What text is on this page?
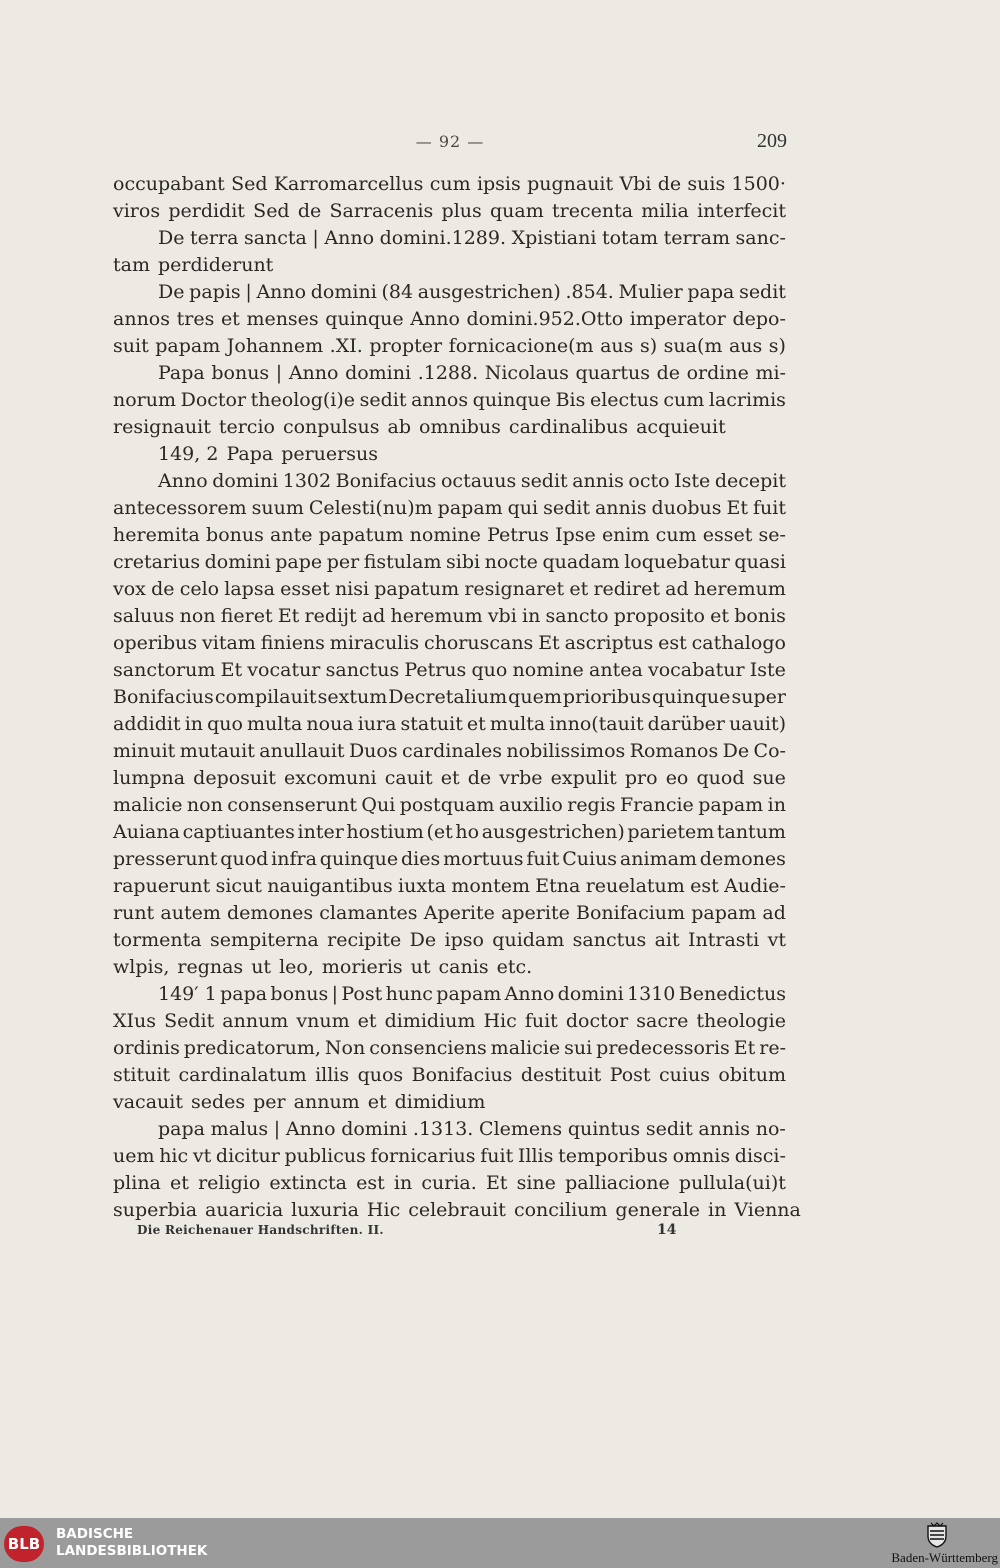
— 92 —	209
occupabant Sed Karromarcellus cum ipsis pugnauit Vbi de suis 1500·
viros perdidit Sed de Sarracenis plus quam trecenta milia interfecit
De terra sancta | Anno domini.1289. Xpistiani totam terram sanc-
tam perdiderunt
De papis | Anno domini (84 ausgestrichen) .854. Mulier papa sedit
annos tres et menses quinque Anno domini.952.Otto imperator depo-
suit papam Johannem .XI. propter fornicacione(m aus s) sua(m aus s)
Papa bonus | Anno domini .1288. Nicolaus quartus de ordine mi-
norum Doctor theolog(i)e sedit annos quinque Bis electus cum lacrimis
resignauit tercio conpulsus ab omnibus cardinalibus acquieuit
149, 2 Papa peruersus
Anno domini 1302 Bonifacius octauus sedit annis octo Iste decepit
antecessorem suum Celesti(nu)m papam qui sedit annis duobus Et fuit
heremita bonus ante papatum nomine Petrus Ipse enim cum esset se-
cretarius domini pape per fistulam sibi nocte quadam loquebatur quasi
vox de celo lapsa esset nisi papatum resignaret et rediret ad heremum
saluus non fieret Et redijt ad heremum vbi in sancto proposito et bonis
operibus vitam finiens miraculis choruscans Et ascriptus est cathalogo
sanctorum Et vocatur sanctus Petrus quo nomine antea vocabatur Iste
Bonifacius compilauit sextum Decretalium quem prioribus quinque super
addidit in quo multa noua iura statuit et multa inno(tauit darüber uauit)
minuit mutauit anullauit Duos cardinales nobilissimos Romanos De Co-
lumpna deposuit excomuni cauit et de vrbe expulit pro eo quod sue
malicie non consenserunt Qui postquam auxilio regis Francie papam in
Auiana captiuantes inter hostium (et ho ausgestrichen) parietem tantum
presserunt quod infra quinque dies mortuus fuit Cuius animam demones
rapuerunt sicut nauigantibus iuxta montem Etna reuelatum est Audie-
runt autem demones clamantes Aperite aperite Bonifacium papam ad
tormenta sempiterna recipite De ipso quidam sanctus ait Intrasti vt
wlpis, regnas ut leo, morieris ut canis etc.
149′ 1 papa bonus | Post hunc papam Anno domini 1310 Benedictus
XIus Sedit annum vnum et dimidium Hic fuit doctor sacre theologie
ordinis predicatorum, Non consenciens malicie sui predecessoris Et re-
stituit cardinalatum illis quos Bonifacius destituit Post cuius obitum
vacauit sedes per annum et dimidium
papa malus | Anno domini .1313. Clemens quintus sedit annis no-
uem hic vt dicitur publicus fornicarius fuit Illis temporibus omnis disci-
plina et religio extincta est in curia. Et sine palliacione pullula(ui)t
superbia auaricia luxuria Hic celebrauit concilium generale in Vienna
Die Reichenauer Handschriften. II.	14
BLB
BADISCHE
LANDESBIBLIOTHEK	Baden-Württemberg
